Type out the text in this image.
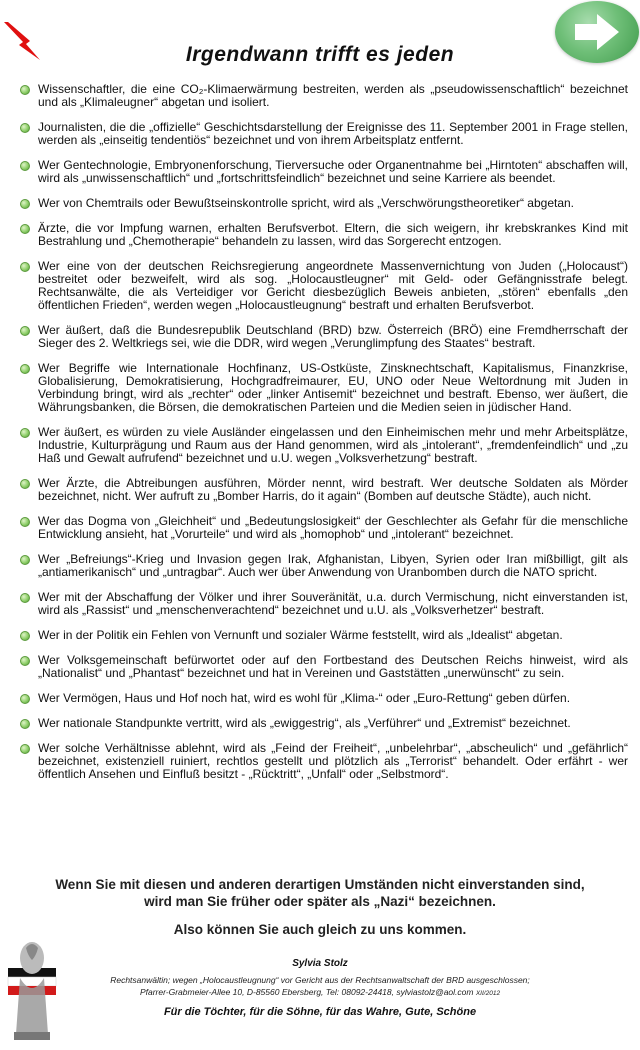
Irgendwann trifft es jeden
Wissenschaftler, die eine CO₂-Klimaerwärmung bestreiten, werden als „pseudowissenschaftlich“ bezeichnet und als „Klimaleugner“ abgetan und isoliert.
Journalisten, die die „offizielle“ Geschichtsdarstellung der Ereignisse des 11. September 2001 in Frage stellen, werden als „einseitig tendentiös“ bezeichnet und von ihrem Arbeitsplatz entfernt.
Wer Gentechnologie, Embryonenforschung, Tierversuche oder Organentnahme bei „Hirntoten“ abschaffen will, wird als „unwissenschaftlich“ und „fortschrittsfeindlich“ bezeichnet und seine Karriere als beendet.
Wer von Chemtrails oder Bewußtseinskontrolle spricht, wird als „Verschwörungstheoretiker“ abgetan.
Ärzte, die vor Impfung warnen, erhalten Berufsverbot. Eltern, die sich weigern, ihr krebskrankes Kind mit Bestrahlung und „Chemotherapie“ behandeln zu lassen, wird das Sorgerecht entzogen.
Wer eine von der deutschen Reichsregierung angeordnete Massenvernichtung von Juden („Holocaust“) bestreitet oder bezweifelt, wird als sog. „Holocaustleugner“ mit Geld- oder Gefängnisstrafe belegt. Rechtsanwälte, die als Verteidiger vor Gericht diesbezüglich Beweis anbieten, „stören“ ebenfalls „den öffentlichen Frieden“, werden wegen „Holocaustleugnung“ bestraft und erhalten Berufsverbot.
Wer äußert, daß die Bundesrepublik Deutschland (BRD) bzw. Österreich (BRÖ) eine Fremdherrschaft der Sieger des 2. Weltkriegs sei, wie die DDR, wird wegen „Verunglimpfung des Staates“ bestraft.
Wer Begriffe wie Internationale Hochfinanz, US-Ostküste, Zinsknechtschaft, Kapitalismus, Finanzkrise, Globalisierung, Demokratisierung, Hochgradfreimaurer, EU, UNO oder Neue Weltordnung mit Juden in Verbindung bringt, wird als „rechter“ oder „linker Antisemit“ bezeichnet und bestraft. Ebenso, wer äußert, die Währungsbanken, die Börsen, die demokratischen Parteien und die Medien seien in jüdischer Hand.
Wer äußert, es würden zu viele Ausländer eingelassen und den Einheimischen mehr und mehr Arbeitsplätze, Industrie, Kulturprägung und Raum aus der Hand genommen, wird als „intolerant“, „fremdenfeindlich“ und „zu Haß und Gewalt aufrufend“ bezeichnet und u.U. wegen „Volksverhetzung“ bestraft.
Wer Ärzte, die Abtreibungen ausführen, Mörder nennt, wird bestraft. Wer deutsche Soldaten als Mörder bezeichnet, nicht. Wer aufruft zu „Bomber Harris, do it again“ (Bomben auf deutsche Städte), auch nicht.
Wer das Dogma von „Gleichheit“ und „Bedeutungslosigkeit“ der Geschlechter als Gefahr für die menschliche Entwicklung ansieht, hat „Vorurteile“ und wird als „homophob“ und „intolerant“ bezeichnet.
Wer „Befreiungs“-Krieg und Invasion gegen Irak, Afghanistan, Libyen, Syrien oder Iran mißbilligt, gilt als „antiamerikanisch“ und „untragbar“. Auch wer über Anwendung von Uranbomben durch die NATO spricht.
Wer mit der Abschaffung der Völker und ihrer Souveränität, u.a. durch Vermischung, nicht einverstanden ist, wird als „Rassist“ und „menschenverachtend“ bezeichnet und u.U. als „Volksverhetzer“ bestraft.
Wer in der Politik ein Fehlen von Vernunft und sozialer Wärme feststellt, wird als „Idealist“ abgetan.
Wer Volksgemeinschaft befürwortet oder auf den Fortbestand des Deutschen Reichs hinweist, wird als „Nationalist“ und „Phantast“ bezeichnet und hat in Vereinen und Gaststätten „unerwünscht“ zu sein.
Wer Vermögen, Haus und Hof noch hat, wird es wohl für „Klima-“ oder „Euro-Rettung“ geben dürfen.
Wer nationale Standpunkte vertritt, wird als „ewiggestrig“, als „Verführer“ und „Extremist“ bezeichnet.
Wer solche Verhältnisse ablehnt, wird als „Feind der Freiheit“, „unbelehrbar“, „abscheulich“ und „gefährlich“ bezeichnet, existenziell ruiniert, rechtlos gestellt und plötzlich als „Terrorist“ behandelt. Oder erfährt - wer öffentlich Ansehen und Einfluß besitzt - „Rücktritt“, „Unfall“ oder „Selbstmord“.
Wenn Sie mit diesen und anderen derartigen Umständen nicht einverstanden sind,
wird man Sie früher oder später als „Nazi“ bezeichnen.
Also können Sie auch gleich zu uns kommen.
Sylvia Stolz
Rechtsanwältin; wegen „Holocaustleugnung“ vor Gericht aus der Rechtsanwaltschaft der BRD ausgeschlossen;
Pfarrer-Grabmeier-Allee 10, D-85560 Ebersberg, Tel: 08092-24418, sylviastolz@aol.com XII/2012
Für die Töchter, für die Söhne, für das Wahre, Gute, Schöne
